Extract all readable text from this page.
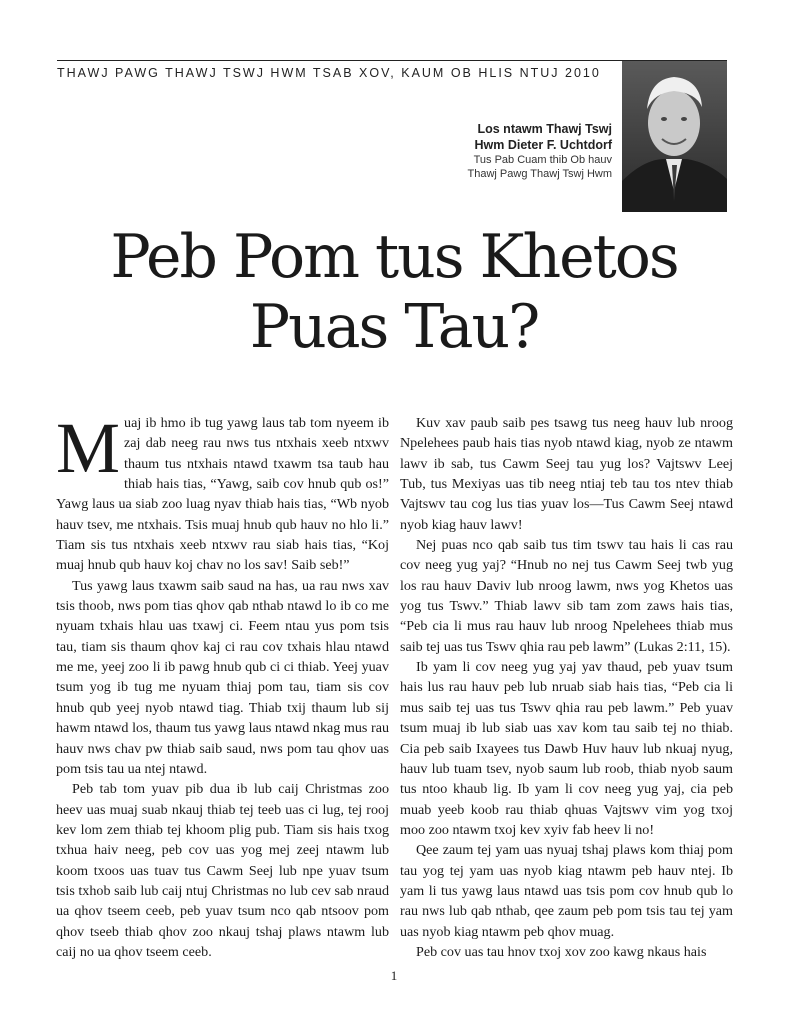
THAWJ PAWG THAWJ TSWJ HWM TSAB XOV, KAUM OB HLIS NTUJ 2010
Los ntawm Thawj Tswj
Hwm Dieter F. Uchtdorf
Tus Pab Cuam thib Ob hauv
Thawj Pawg Thawj Tswj Hwm
Peb Pom tus Khetos
Puas Tau?

Muaj ib hmo ib tug yawg laus tab tom nyeem ib zaj dab neeg rau nws tus ntxhais xeeb ntxwv thaum tus ntxhais ntawd txawm tsa taub hau thiab hais tias, “Yawg, saib cov hnub qub os!” Yawg laus ua siab zoo luag nyav thiab hais tias, “Wb nyob hauv tsev, me ntxhais. Tsis muaj hnub qub hauv no hlo li.” Tiam sis tus ntxhais xeeb ntxwv rau siab hais tias, “Koj muaj hnub qub hauv koj chav no los sav! Saib seb!”

Tus yawg laus txawm saib saud na has, ua rau nws xav tsis thoob, nws pom tias qhov qab nthab ntawd lo ib co me nyuam txhais hlau uas txawj ci. Feem ntau yus pom tsis tau, tiam sis thaum qhov kaj ci rau cov txhais hlau ntawd me me, yeej zoo li ib pawg hnub qub ci ci thiab. Yeej yuav tsum yog ib tug me nyuam thiaj pom tau, tiam sis cov hnub qub yeej nyob ntawd tiag. Thiab txij thaum lub sij hawm ntawd los, thaum tus yawg laus ntawd nkag mus rau hauv nws chav pw thiab saib saud, nws pom tau qhov uas pom tsis tau ua ntej ntawd.

Peb tab tom yuav pib dua ib lub caij Christmas zoo heev uas muaj suab nkauj thiab tej teeb uas ci lug, tej rooj kev lom zem thiab tej khoom plig pub. Tiam sis hais txog txhua haiv neeg, peb cov uas yog mej zeej ntawm lub koom txoos uas tuav tus Cawm Seej lub npe yuav tsum tsis txhob saib lub caij ntuj Christmas no lub cev sab nraud ua qhov tseem ceeb, peb yuav tsum nco qab ntsoov pom qhov tseeb thiab qhov zoo nkauj tshaj plaws ntawm lub caij no ua qhov tseem ceeb.

Kuv xav paub saib pes tsawg tus neeg hauv lub nroog Npelehees paub hais tias nyob ntawd kiag, nyob ze ntawm lawv ib sab, tus Cawm Seej tau yug los? Vajtswv Leej Tub, tus Mexiyas uas tib neeg ntiaj teb tau tos ntev thiab Vajtswv tau cog lus tias yuav los—Tus Cawm Seej ntawd nyob kiag hauv lawv!

Nej puas nco qab saib tus tim tswv tau hais li cas rau cov neeg yug yaj? “Hnub no nej tus Cawm Seej twb yug los rau hauv Daviv lub nroog lawm, nws yog Khetos uas yog tus Tswv.” Thiab lawv sib tam zom zaws hais tias, “Peb cia li mus rau hauv lub nroog Npelehees thiab mus saib tej uas tus Tswv qhia rau peb lawm” (Lukas 2:11, 15).

Ib yam li cov neeg yug yaj yav thaud, peb yuav tsum hais lus rau hauv peb lub nruab siab hais tias, “Peb cia li mus saib tej uas tus Tswv qhia rau peb lawm.” Peb yuav tsum muaj ib lub siab uas xav kom tau saib tej no thiab. Cia peb saib Ixayees tus Dawb Huv hauv lub nkuaj nyug, hauv lub tuam tsev, nyob saum lub roob, thiab nyob saum tus ntoo khaub lig. Ib yam li cov neeg yug yaj, cia peb muab yeeb koob rau thiab qhuas Vajtswv vim yog txoj moo zoo ntawm txoj kev xyiv fab heev li no!

Qee zaum tej yam uas nyuaj tshaj plaws kom thiaj pom tau yog tej yam uas nyob kiag ntawm peb hauv ntej. Ib yam li tus yawg laus ntawd uas tsis pom cov hnub qub lo rau nws lub qab nthab, qee zaum peb pom tsis tau tej yam uas nyob kiag ntawm peb qhov muag.

Peb cov uas tau hnov txoj xov zoo kawg nkaus hais

1
